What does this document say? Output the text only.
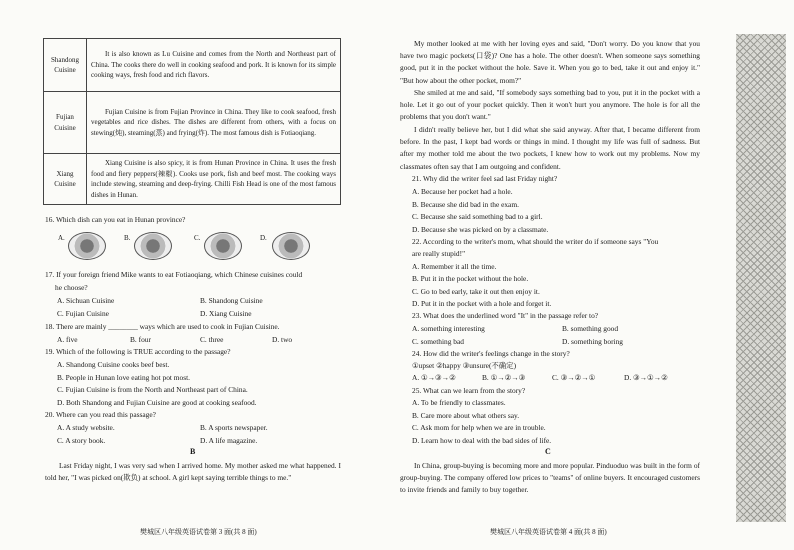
Shandong Cuisine	It is also known as Lu Cuisine and comes from the North and Northeast part of China. The cooks there do well in cooking seafood and pork. It is known for its simple cooking ways, fresh food and rich flavors.
Fujian Cuisine	Fujian Cuisine is from Fujian Province in China. They like to cook seafood, fresh vegetables and rice dishes. The dishes are different from others, with a focus on stewing(炖), steaming(蒸) and frying(炸). The most famous dish is Fotiaoqiang.
Xiang Cuisine	Xiang Cuisine is also spicy, it is from Hunan Province in China. It uses the fresh food and fiery peppers(辣椒). Cooks use pork, fish and beef most. The cooking ways include stewing, steaming and deep-frying. Chilli Fish Head is one of the most famous dishes in Hunan.
16. Which dish can you eat in Hunan province?
A.	B.	C.	D.
17. If your foreign friend Mike wants to eat Fotiaoqiang, which Chinese cuisines could
he choose?
A. Sichuan Cuisine	B. Shandong Cuisine
C. Fujian Cuisine	D. Xiang Cuisine
18. There are mainly ________ ways which are used to cook in Fujian Cuisine.
A. five	B. four	C. three	D. two
19. Which of the following is TRUE according to the passage?
A. Shandong Cuisine cooks beef best.
B. People in Hunan love eating hot pot most.
C. Fujian Cuisine is from the North and Northeast part of China.
D. Both Shandong and Fujian Cuisine are good at cooking seafood.
20. Where can you read this passage?
A. A study website.	B. A sports newspaper.
C. A story book.	D. A life magazine.
B
Last Friday night, I was very sad when I arrived home. My mother asked me what happened. I told her, "I was picked on(欺负) at school. A girl kept saying terrible things to me."
樊城区八年级英语试卷第 3 面(共 8 面)
My mother looked at me with her loving eyes and said, "Don't worry. Do you know that you have two magic pockets(口袋)? One has a hole. The other doesn't. When someone says something good, put it in the pocket without the hole. Save it. When you go to bed, take it out and enjoy it." "But how about the other pocket, mom?"
She smiled at me and said, "If somebody says something bad to you, put it in the pocket with a hole. Let it go out of your pocket quickly. Then it won't hurt you anymore. The hole is for all the problems that you don't want."
I didn't really believe her, but I did what she said anyway. After that, I became different from before. In the past, I kept bad words or things in mind. I thought my life was full of sadness. But after my mother told me about the two pockets, I knew how to work out my problems. Now my classmates often say that I am outgoing and confident.
21. Why did the writer feel sad last Friday night?
A. Because her pocket had a hole.
B. Because she did bad in the exam.
C. Because she said something bad to a girl.
D. Because she was picked on by a classmate.
22. According to the writer's mom, what should the writer do if someone says "You
are really stupid!"
A. Remember it all the time.
B. Put it in the pocket without the hole.
C. Go to bed early, take it out then enjoy it.
D. Put it in the pocket with a hole and forget it.
23. What does the underlined word "It" in the passage refer to?
A. something interesting	B. something good
C. something bad	D. something boring
24. How did the writer's feelings change in the story?
①upset ②happy ③unsure(不确定)
A. ①→③→②	B. ①→②→③	C. ③→②→①	D. ③→①→②
25. What can we learn from the story?
A. To be friendly to classmates.
B. Care more about what others say.
C. Ask mom for help when we are in trouble.
D. Learn how to deal with the bad sides of life.
C
In China, group-buying is becoming more and more popular. Pinduoduo was built in the form of group-buying. The company offered low prices to "teams" of online buyers. It encouraged customers to invite friends and family to buy together.
樊城区八年级英语试卷第 4 面(共 8 面)
